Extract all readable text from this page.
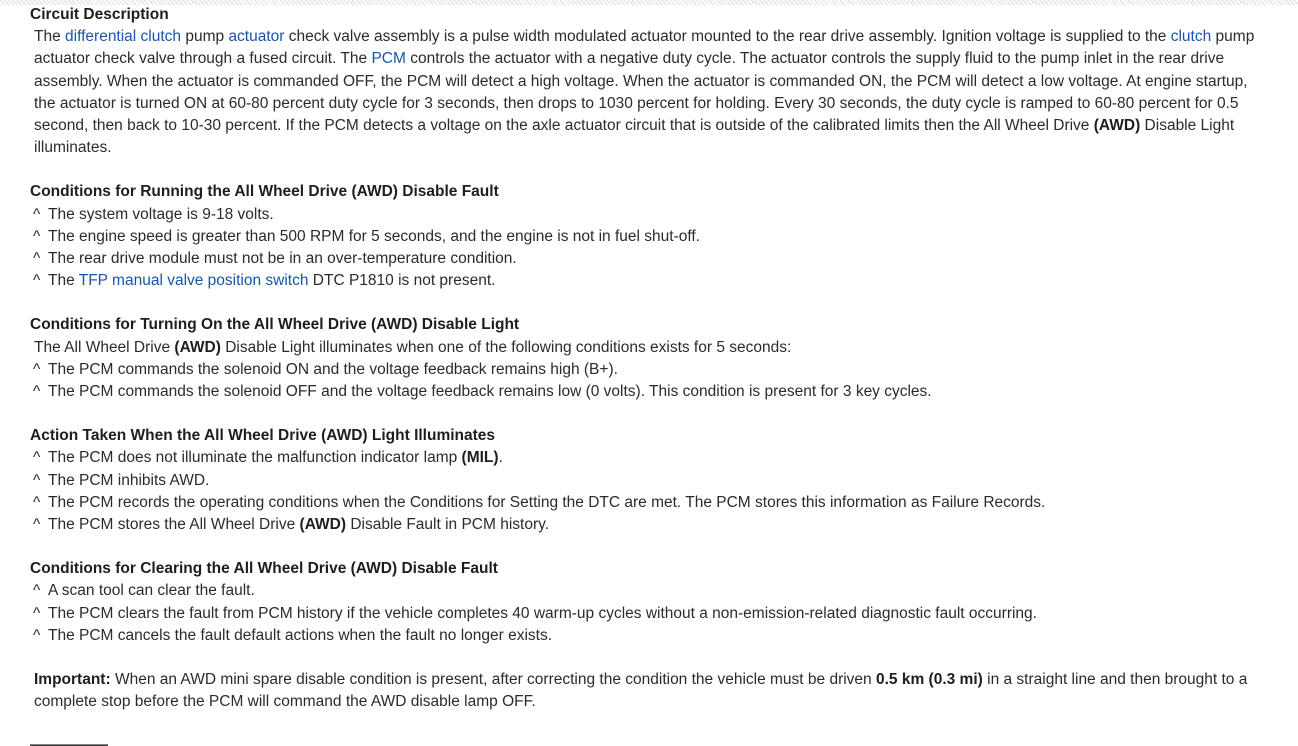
Circuit Description

The differential clutch pump actuator check valve assembly is a pulse width modulated actuator mounted to the rear drive assembly. Ignition voltage is supplied to the clutch pump actuator check valve through a fused circuit. The PCM controls the actuator with a negative duty cycle. The actuator controls the supply fluid to the pump inlet in the rear drive assembly. When the actuator is commanded OFF, the PCM will detect a high voltage. When the actuator is commanded ON, the PCM will detect a low voltage. At engine startup, the actuator is turned ON at 60-80 percent duty cycle for 3 seconds, then drops to 1030 percent for holding. Every 30 seconds, the duty cycle is ramped to 60-80 percent for 0.5 second, then back to 10-30 percent. If the PCM detects a voltage on the axle actuator circuit that is outside of the calibrated limits then the All Wheel Drive (AWD) Disable Light illuminates.

Conditions for Running the All Wheel Drive (AWD) Disable Fault
^ The system voltage is 9-18 volts.
^ The engine speed is greater than 500 RPM for 5 seconds, and the engine is not in fuel shut-off.
^ The rear drive module must not be in an over-temperature condition.
^ The TFP manual valve position switch DTC P1810 is not present.
Conditions for Turning On the All Wheel Drive (AWD) Disable Light

The All Wheel Drive (AWD) Disable Light illuminates when one of the following conditions exists for 5 seconds:

^ The PCM commands the solenoid ON and the voltage feedback remains high (B+).
^ The PCM commands the solenoid OFF and the voltage feedback remains low (0 volts). This condition is present for 3 key cycles.
Action Taken When the All Wheel Drive (AWD) Light Illuminates
^ The PCM does not illuminate the malfunction indicator lamp (MIL).
^ The PCM inhibits AWD.
^ The PCM records the operating conditions when the Conditions for Setting the DTC are met. The PCM stores this information as Failure Records.
^ The PCM stores the All Wheel Drive (AWD) Disable Fault in PCM history.
Conditions for Clearing the All Wheel Drive (AWD) Disable Fault
^ A scan tool can clear the fault.
^ The PCM clears the fault from PCM history if the vehicle completes 40 warm-up cycles without a non-emission-related diagnostic fault occurring.
^ The PCM cancels the fault default actions when the fault no longer exists.

Important: When an AWD mini spare disable condition is present, after correcting the condition the vehicle must be driven 0.5 km (0.3 mi) in a straight line and then brought to a complete stop before the PCM will command the AWD disable lamp OFF.
